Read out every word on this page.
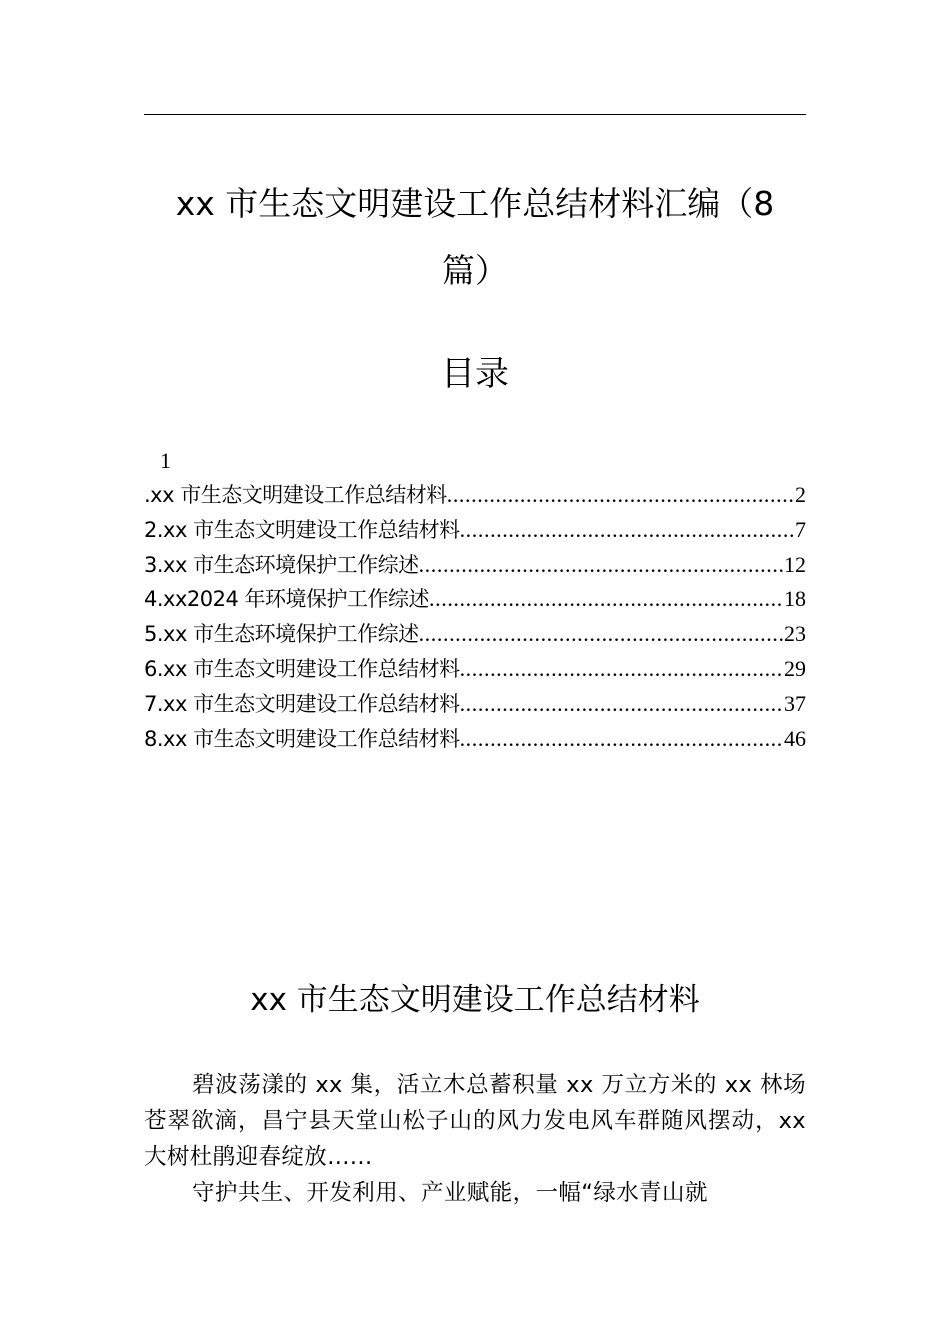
xx 市生态文明建设工作总结材料汇编（8
篇）
目录
1
.xx 市生态文明建设工作总结材料 .....	2
2.xx 市生态文明建设工作总结材料 .....	7
3.xx 市生态环境保护工作综述 .....	12
4.xx2024 年环境保护工作综述 .....	18
5.xx 市生态环境保护工作综述 .....	23
6.xx 市生态文明建设工作总结材料 .....	29
7.xx 市生态文明建设工作总结材料 .....	37
8.xx 市生态文明建设工作总结材料 .....	46
xx 市生态文明建设工作总结材料

碧波荡漾的 xx 集，活立木总蓄积量 xx 万立方米的 xx 林场苍翠欲滴，昌宁县天堂山松子山的风力发电风车群随风摆动，xx 大树杜鹃迎春绽放......

守护共生、开发利用、产业赋能，一幅“绿水青山就
